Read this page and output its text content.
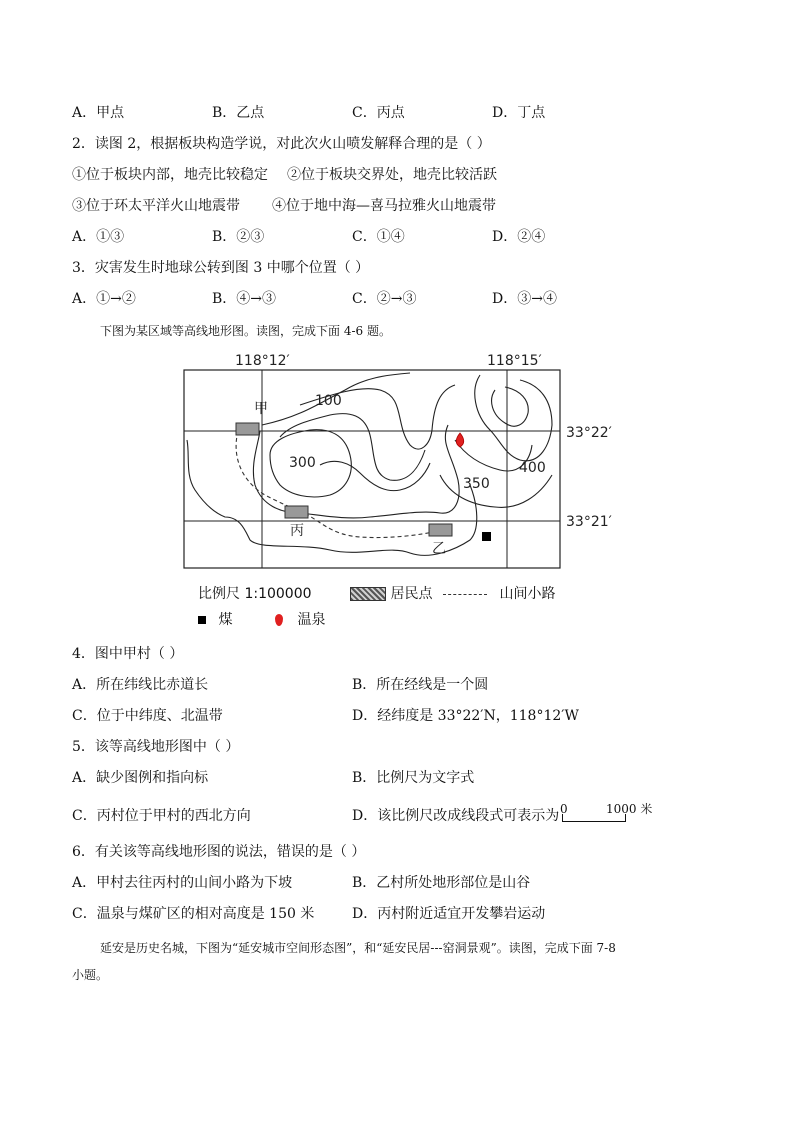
A．甲点	B．乙点	C．丙点	D．丁点
2．读图 2，根据板块构造学说，对此次火山喷发解释合理的是（ ）
①位于板块内部，地壳比较稳定 ②位于板块交界处，地壳比较活跃
③位于环太平洋火山地震带 ④位于地中海—喜马拉雅火山地震带
A．①③	B．②③	C．①④	D．②④
3．灾害发生时地球公转到图 3 中哪个位置（ ）
A．①→②	B．④→③	C．②→③	D．③→④
下图为某区域等高线地形图。读图，完成下面 4-6 题。
118°12′	118°15′
33°22′
33°21′
甲
丙
乙
100
300
350
400
比例尺 1:100000	居民点	山间小路
煤	温泉
4．图中甲村（ ）
A．所在纬线比赤道长	B．所在经线是一个圆
C．位于中纬度、北温带	D．经纬度是 33°22′N，118°12′W
5．该等高线地形图中（ ）
A．缺少图例和指向标	B．比例尺为文字式
C．丙村位于甲村的西北方向	D．该比例尺改成线段式可表示为 0	1000 米
6．有关该等高线地形图的说法，错误的是（ ）
A．甲村去往丙村的山间小路为下坡	B．乙村所处地形部位是山谷
C．温泉与煤矿区的相对高度是 150 米	D．丙村附近适宜开发攀岩运动
延安是历史名城，下图为“延安城市空间形态图”，和“延安民居---窑洞景观”。读图，完成下面 7-8
小题。
